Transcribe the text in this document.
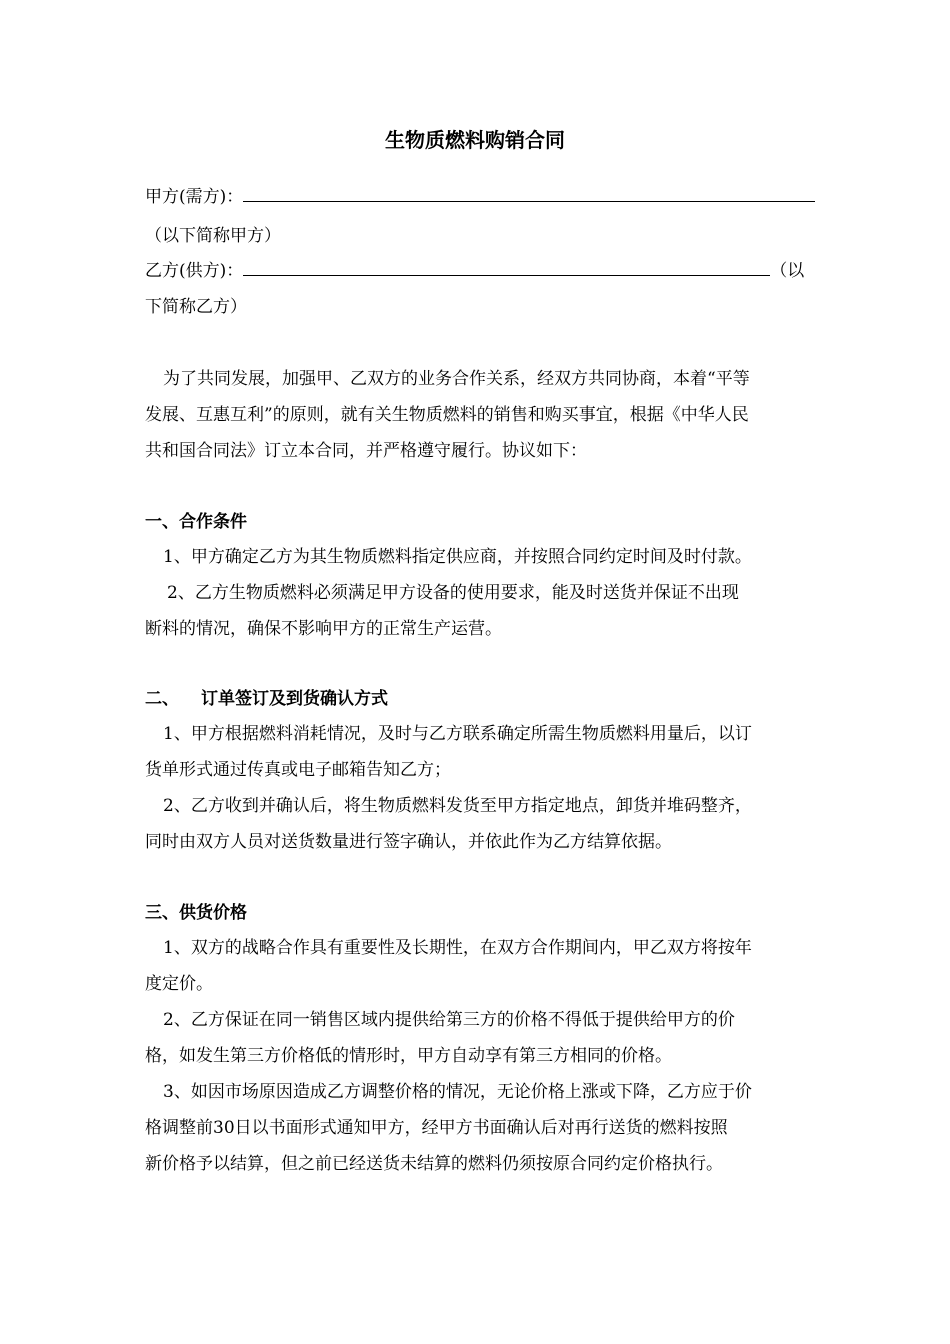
生物质燃料购销合同
甲方(需方)：
（以下简称甲方）
乙方(供方)：	（以
下简称乙方）
为了共同发展，加强甲、乙双方的业务合作关系，经双方共同协商，本着“平等
发展、互惠互利”的原则，就有关生物质燃料的销售和购买事宜，根据《中华人民
共和国合同法》订立本合同，并严格遵守履行。协议如下：
一、合作条件
1、甲方确定乙方为其生物质燃料指定供应商，并按照合同约定时间及时付款。
2、乙方生物质燃料必须满足甲方设备的使用要求，能及时送货并保证不出现
断料的情况，确保不影响甲方的正常生产运营。
二、 订单签订及到货确认方式
1、甲方根据燃料消耗情况，及时与乙方联系确定所需生物质燃料用量后，以订
货单形式通过传真或电子邮箱告知乙方；
2、乙方收到并确认后，将生物质燃料发货至甲方指定地点，卸货并堆码整齐，
同时由双方人员对送货数量进行签字确认，并依此作为乙方结算依据。
三、供货价格
1、双方的战略合作具有重要性及长期性，在双方合作期间内，甲乙双方将按年
度定价。
2、乙方保证在同一销售区域内提供给第三方的价格不得低于提供给甲方的价
格，如发生第三方价格低的情形时，甲方自动享有第三方相同的价格。
3、如因市场原因造成乙方调整价格的情况，无论价格上涨或下降，乙方应于价
格调整前30日以书面形式通知甲方，经甲方书面确认后对再行送货的燃料按照
新价格予以结算，但之前已经送货未结算的燃料仍须按原合同约定价格执行。
